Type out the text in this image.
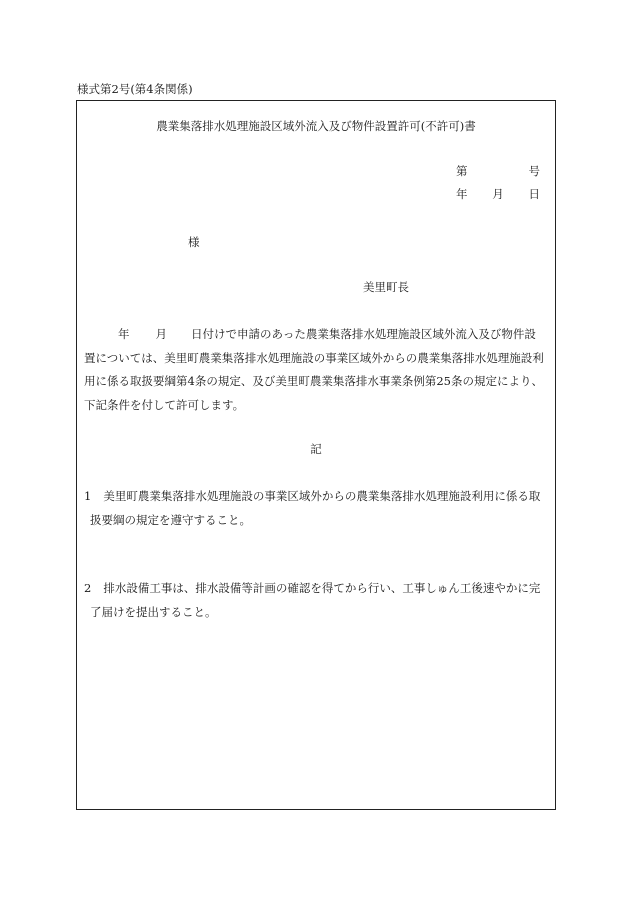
様式第2号(第4条関係)
農業集落排水処理施設区域外流入及び物件設置許可(不許可)書
第	号
年 月 日
様
美里町長
年 月 日付けで申請のあった農業集落排水処理施設区域外流入及び物件設
置については、美里町農業集落排水処理施設の事業区域外からの農業集落排水処理施設利
用に係る取扱要綱第4条の規定、及び美里町農業集落排水事業条例第25条の規定により、
下記条件を付して許可します。
記
1 美里町農業集落排水処理施設の事業区域外からの農業集落排水処理施設利用に係る取
扱要綱の規定を遵守すること。
2 排水設備工事は、排水設備等計画の確認を得てから行い、工事しゅん工後速やかに完
了届けを提出すること。
